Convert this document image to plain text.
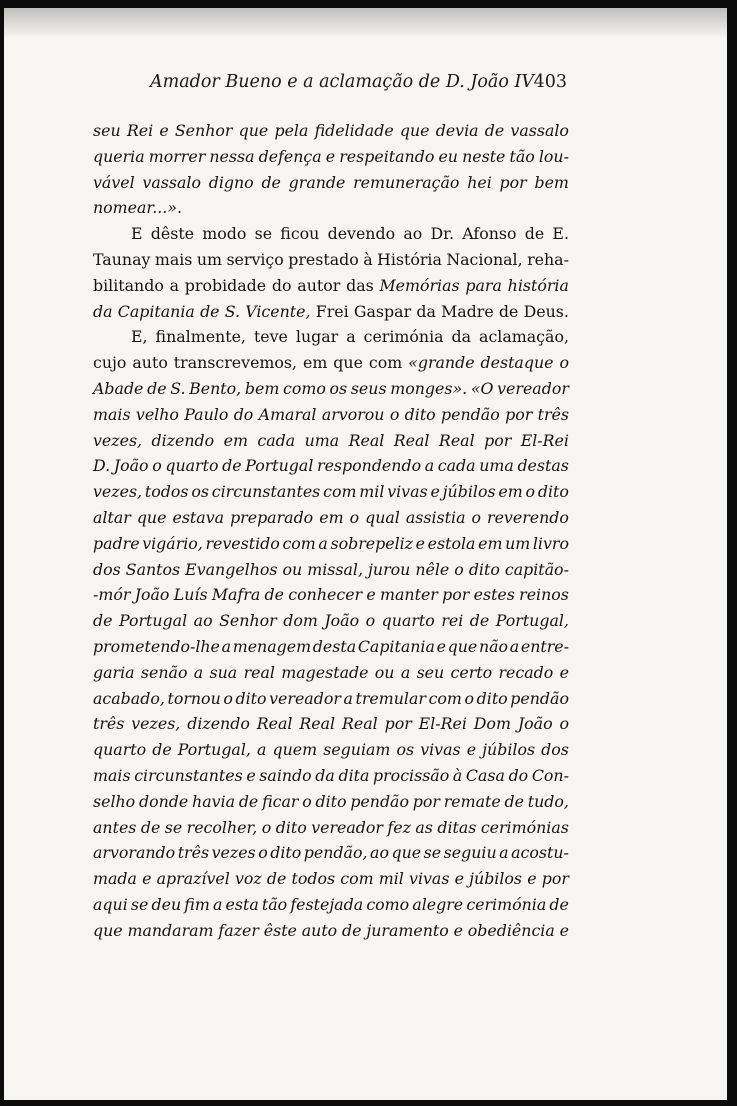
Amador Bueno e a aclamação de D. João IV 403
seu Rei e Senhor que pela fidelidade que devia de vassalo
queria morrer nessa defença e respeitando eu neste tão lou-
vável vassalo digno de grande remuneração hei por bem
nomear...».
E dêste modo se ficou devendo ao Dr. Afonso de E.
Taunay mais um serviço prestado à História Nacional, reha-
bilitando a probidade do autor das Memórias para história
da Capitania de S. Vicente, Frei Gaspar da Madre de Deus.
E, finalmente, teve lugar a cerimónia da aclamação,
cujo auto transcrevemos, em que com «grande destaque o
Abade de S. Bento, bem como os seus monges». «O vereador
mais velho Paulo do Amaral arvorou o dito pendão por três
vezes, dizendo em cada uma Real Real Real por El-Rei
D. João o quarto de Portugal respondendo a cada uma destas
vezes, todos os circunstantes com mil vivas e júbilos em o dito
altar que estava preparado em o qual assistia o reverendo
padre vigário, revestido com a sobrepeliz e estola em um livro
dos Santos Evangelhos ou missal, jurou nêle o dito capitão-
-mór João Luís Mafra de conhecer e manter por estes reinos
de Portugal ao Senhor dom João o quarto rei de Portugal,
prometendo-lhe a menagem desta Capitania e que não a entre-
garia senão a sua real magestade ou a seu certo recado e
acabado, tornou o dito vereador a tremular com o dito pendão
três vezes, dizendo Real Real Real por El-Rei Dom João o
quarto de Portugal, a quem seguiam os vivas e júbilos dos
mais circunstantes e saindo da dita procissão à Casa do Con-
selho donde havia de ficar o dito pendão por remate de tudo,
antes de se recolher, o dito vereador fez as ditas cerimónias
arvorando três vezes o dito pendão, ao que se seguiu a acostu-
mada e aprazível voz de todos com mil vivas e júbilos e por
aqui se deu fim a esta tão festejada como alegre cerimónia de
que mandaram fazer êste auto de juramento e obediência e
